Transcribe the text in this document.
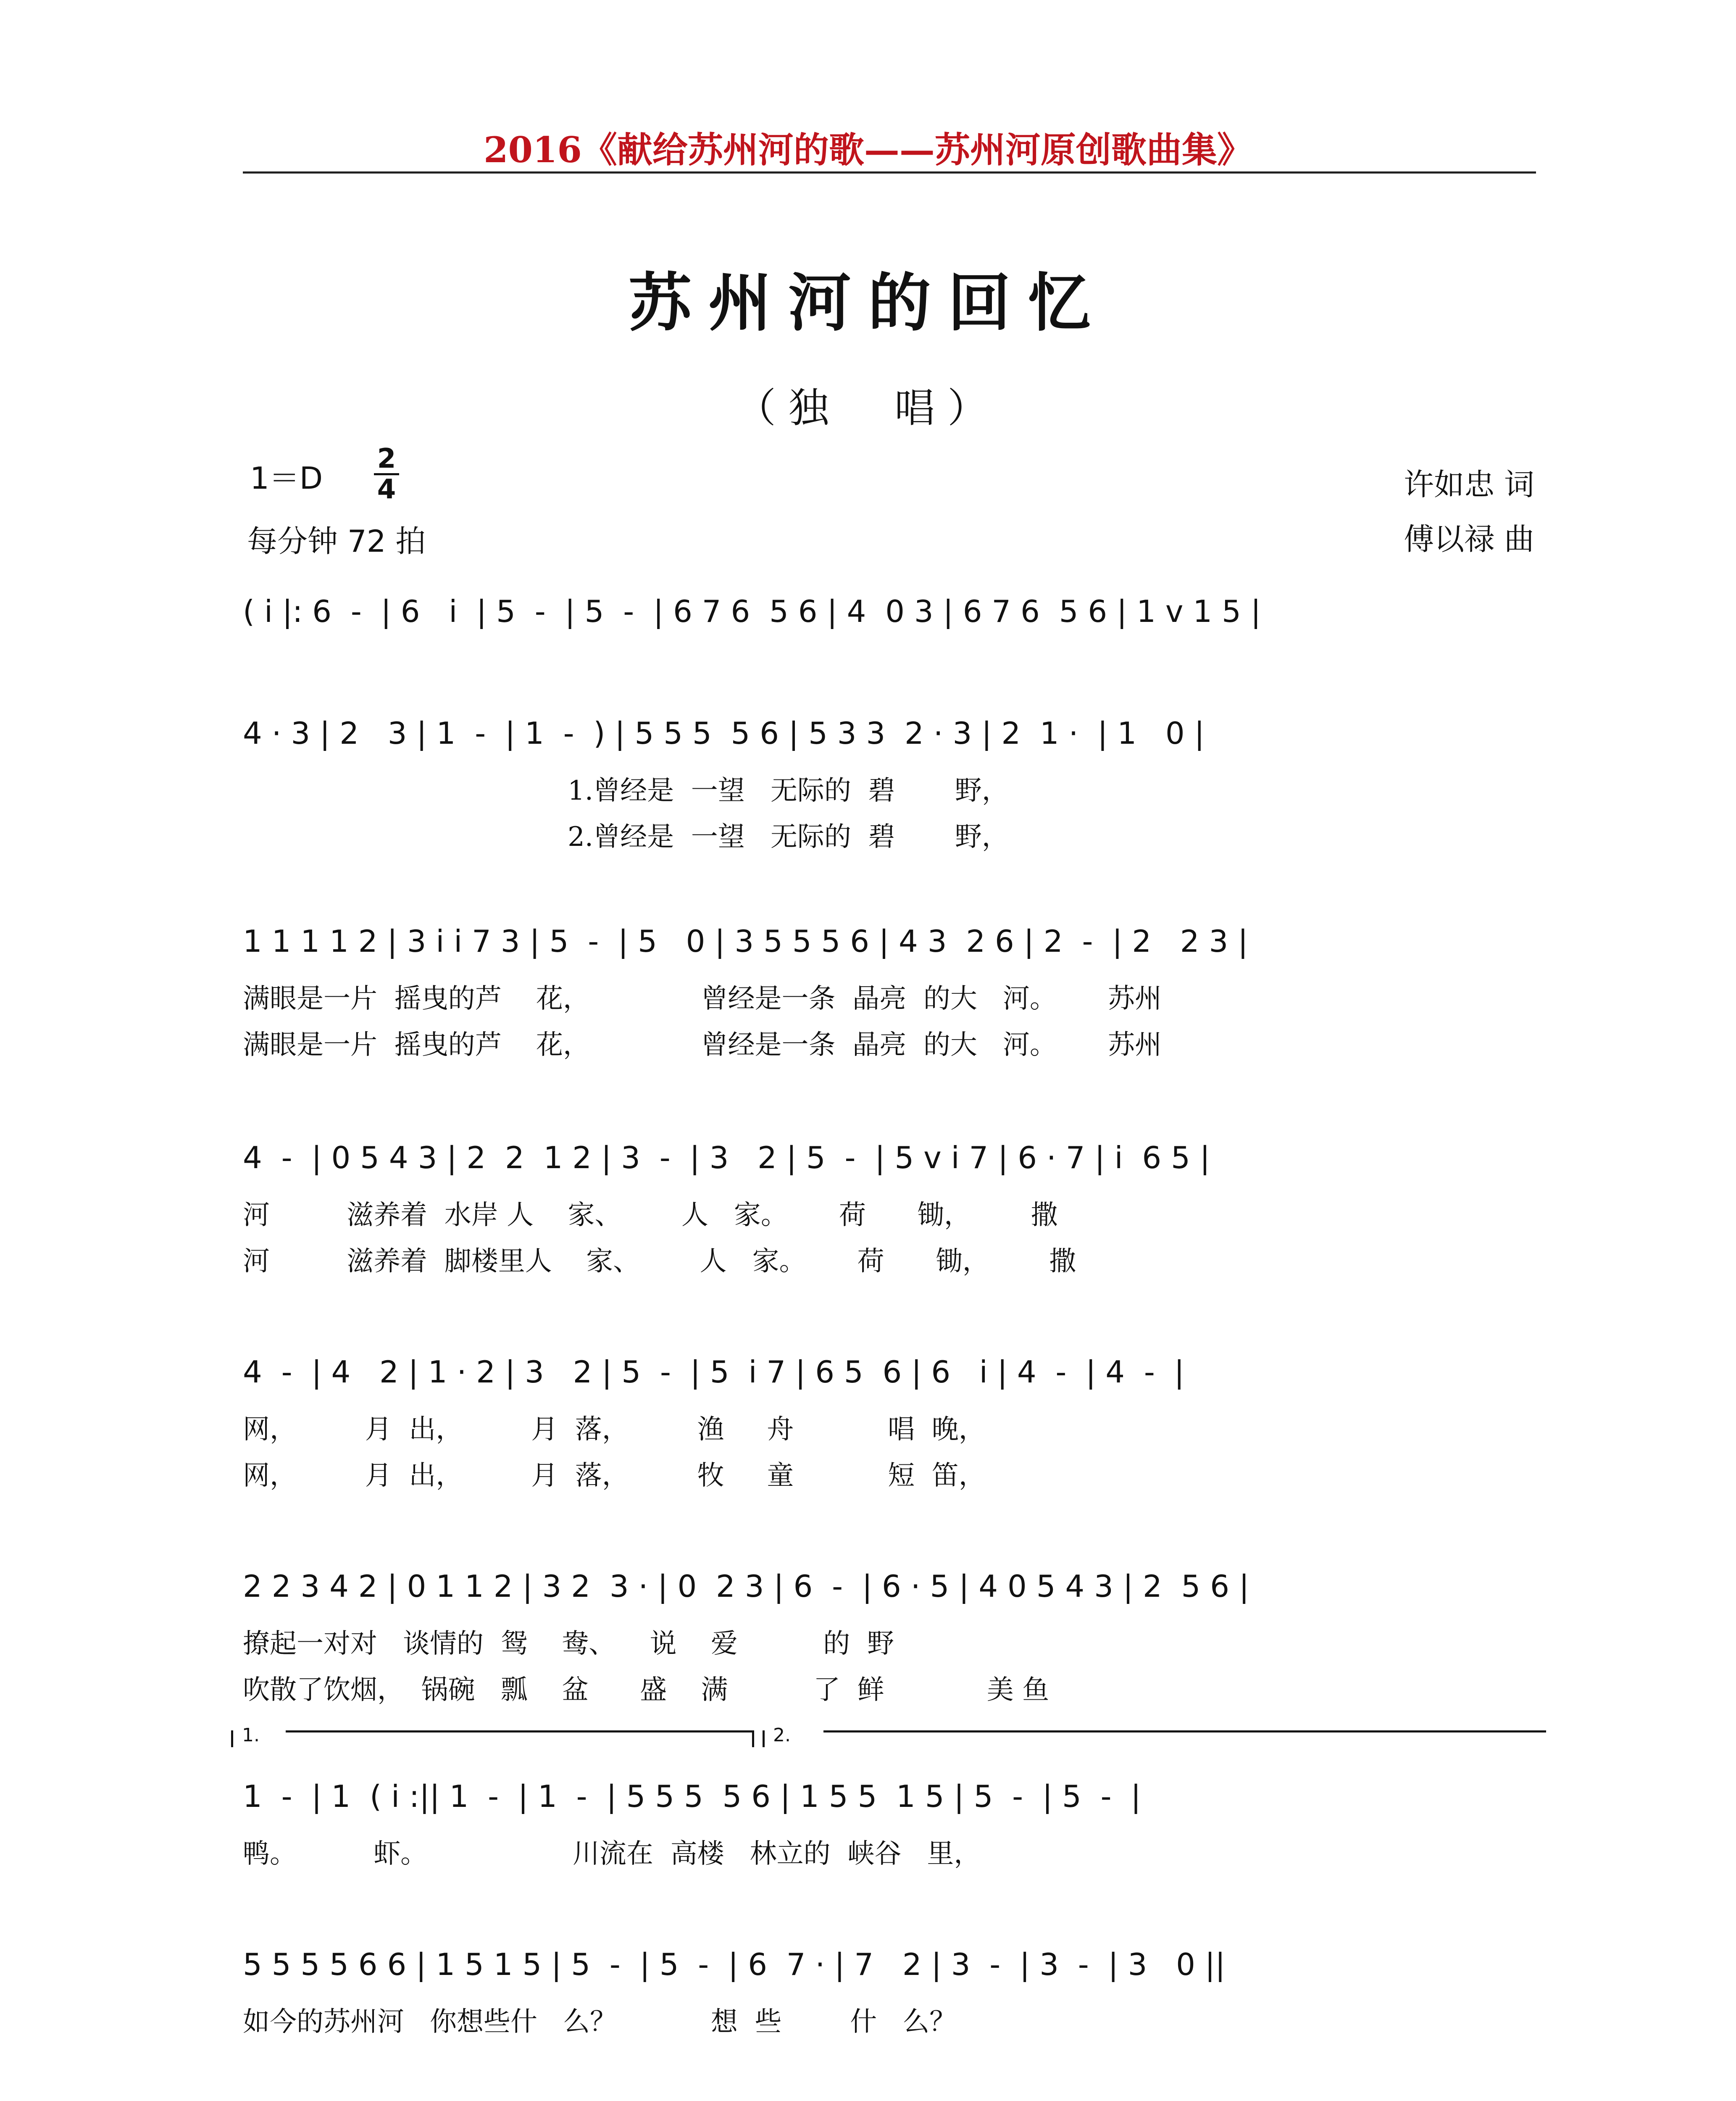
2016《献给苏州河的歌——苏州河原创歌曲集》
苏州河的回忆
（独　唱）
1＝D
2
4
每分钟 72 拍
许如忠 词
傅以禄 曲
( i |: 6  -  | 6   i  | 5  -  | 5  -  | 6 7 6  5 6 | 4  0 3 | 6 7 6  5 6 | 1 v 1 5 |
4 · 3 | 2   3 | 1  -  | 1  -  ) | 5 5 5  5 6 | 5 3 3  2 · 3 | 2  1 ·  | 1   0 |
1.曾经是  一望   无际的  碧       野，
2.曾经是  一望   无际的  碧       野，
1 1 1 1 2 | 3 i i 7 3 | 5  -  | 5   0 | 3 5 5 5 6 | 4 3  2 6 | 2  -  | 2   2 3 |
满眼是一片  摇曳的芦    花，             曾经是一条  晶亮  的大   河。      苏州
满眼是一片  摇曳的芦    花，             曾经是一条  晶亮  的大   河。      苏州
4  -  | 0 5 4 3 | 2  2  1 2 | 3  -  | 3   2 | 5  -  | 5 v i 7 | 6 · 7 | i  6 5 |
河         滋养着  水岸 人    家、       人   家。      荷      锄，       撒
河         滋养着  脚楼里人    家、       人   家。      荷      锄，       撒
4  -  | 4   2 | 1 · 2 | 3   2 | 5  -  | 5  i 7 | 6 5  6 | 6   i | 4  -  | 4  -  |
网，        月  出，        月  落，        渔     舟           唱  晚，
网，        月  出，        月  落，        牧     童           短  笛，
2 2 3 4 2 | 0 1 1 2 | 3 2  3 · | 0  2 3 | 6  -  | 6 · 5 | 4 0 5 4 3 | 2  5 6 |
撩起一对对   谈情的  鸳    鸯、    说    爱          的  野
吹散了饮烟，  锅碗   瓢    盆      盛    满          了  鲜            美 鱼
1.	2.
1  -  | 1  ( i :|| 1  -  | 1  -  | 5 5 5  5 6 | 1 5 5  1 5 | 5  -  | 5  -  |
鸭。         虾。                 川流在  高楼   林立的  峡谷   里，
5 5 5 5 6 6 | 1 5 1 5 | 5  -  | 5  -  | 6  7 · | 7   2 | 3  -  | 3  -  | 3   0 ||
如今的苏州河   你想些什   么？           想  些        什   么？
